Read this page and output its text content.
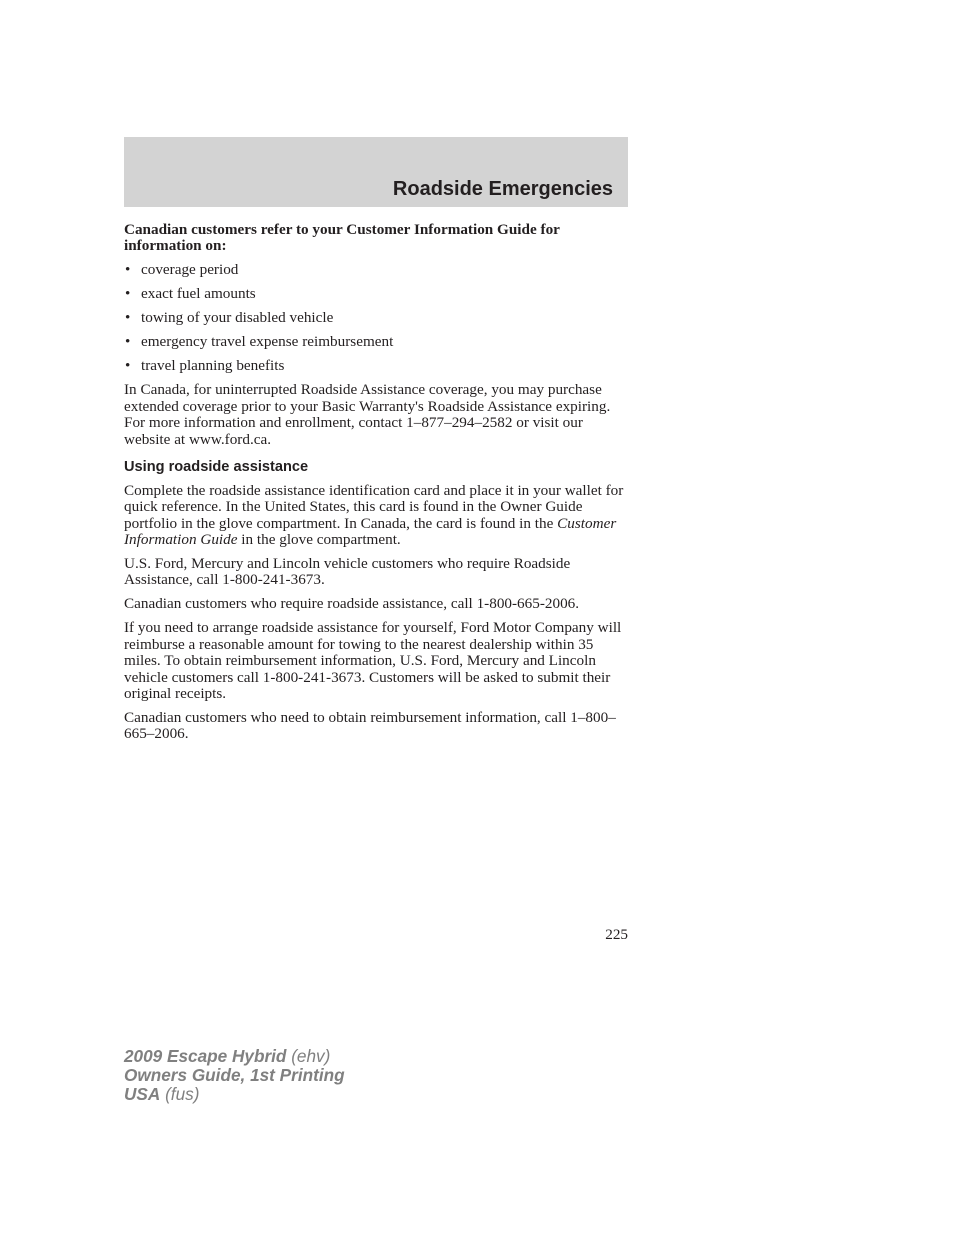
Roadside Emergencies

Canadian customers refer to your Customer Information Guide for information on:

• coverage period
• exact fuel amounts
• towing of your disabled vehicle
• emergency travel expense reimbursement
• travel planning benefits

In Canada, for uninterrupted Roadside Assistance coverage, you may purchase extended coverage prior to your Basic Warranty's Roadside Assistance expiring. For more information and enrollment, contact 1–877–294–2582 or visit our website at www.ford.ca.

Using roadside assistance

Complete the roadside assistance identification card and place it in your wallet for quick reference. In the United States, this card is found in the Owner Guide portfolio in the glove compartment. In Canada, the card is found in the Customer Information Guide in the glove compartment.

U.S. Ford, Mercury and Lincoln vehicle customers who require Roadside Assistance, call 1-800-241-3673.

Canadian customers who require roadside assistance, call 1-800-665-2006.

If you need to arrange roadside assistance for yourself, Ford Motor Company will reimburse a reasonable amount for towing to the nearest dealership within 35 miles. To obtain reimbursement information, U.S. Ford, Mercury and Lincoln vehicle customers call 1-800-241-3673. Customers will be asked to submit their original receipts.

Canadian customers who need to obtain reimbursement information, call 1–800–665–2006.

225
2009 Escape Hybrid (ehv)
Owners Guide, 1st Printing
USA (fus)
